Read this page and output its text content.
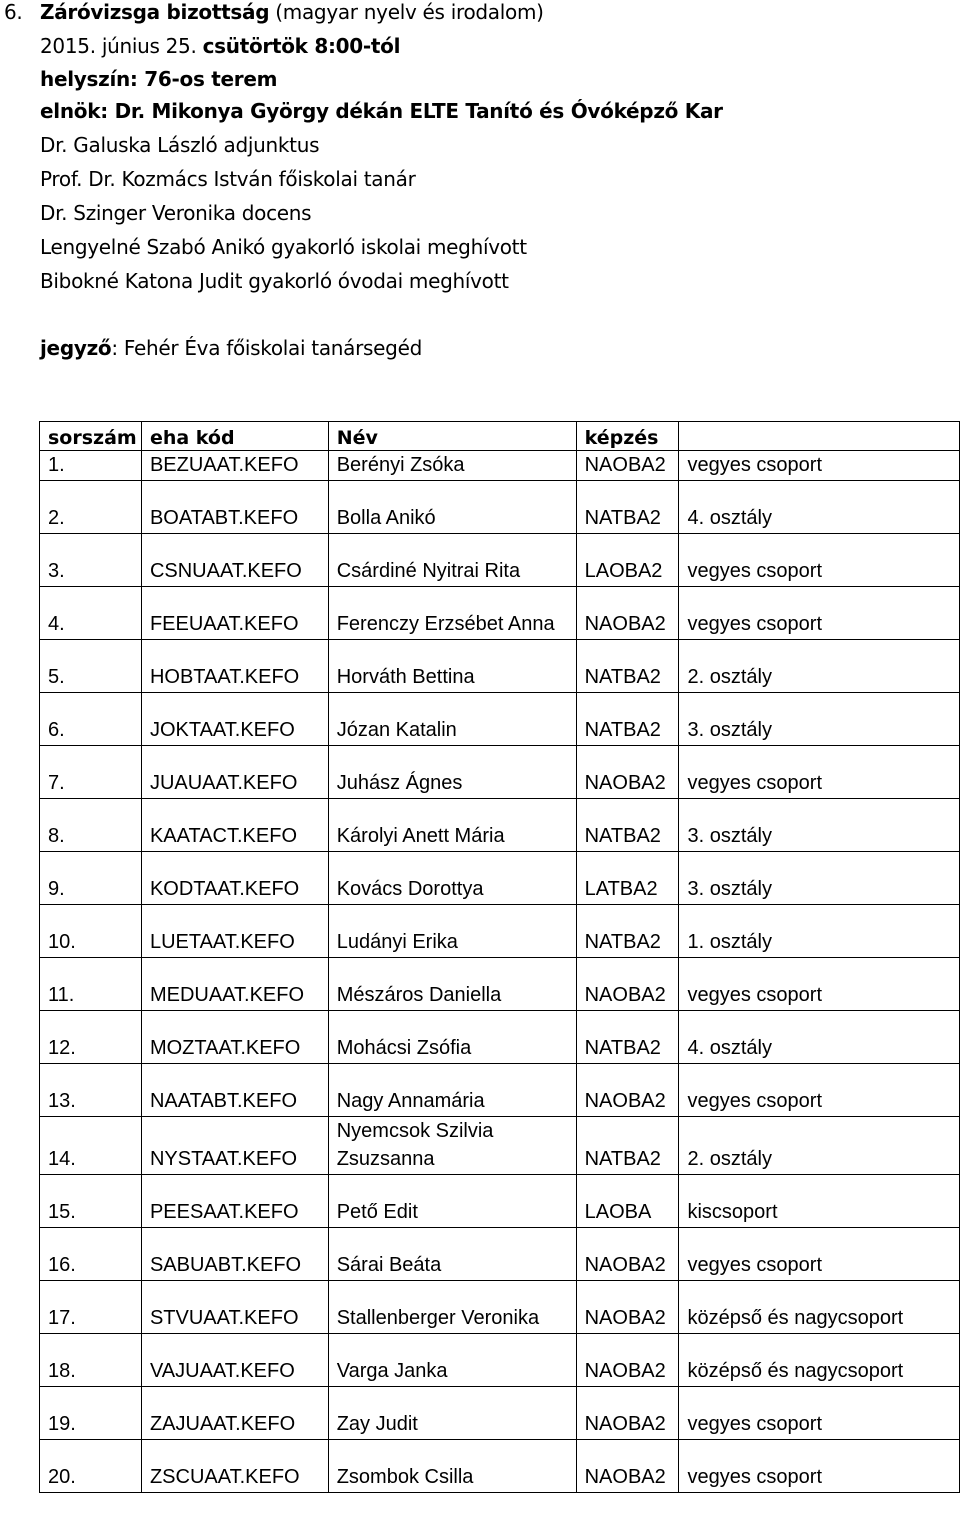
6. Záróvizsga bizottság (magyar nyelv és irodalom)
2015. június 25. csütörtök 8:00-tól
helyszín: 76-os terem
elnök: Dr. Mikonya György dékán ELTE Tanító és Óvóképző Kar
Dr. Galuska László adjunktus
Prof. Dr. Kozmács István főiskolai tanár
Dr. Szinger Veronika docens
Lengyelné Szabó Anikó gyakorló iskolai meghívott
Bibokné Katona Judit gyakorló óvodai meghívott
jegyző: Fehér Éva főiskolai tanársegéd
sorszám	eha kód	Név	képzés	
1.	BEZUAAT.KEFO	Berényi Zsóka	NAOBA2	vegyes csoport
2.	BOATABT.KEFO	Bolla Anikó	NATBA2	4. osztály
3.	CSNUAAT.KEFO	Csárdiné Nyitrai Rita	LAOBA2	vegyes csoport
4.	FEEUAAT.KEFO	Ferenczy Erzsébet Anna	NAOBA2	vegyes csoport
5.	HOBTAAT.KEFO	Horváth Bettina	NATBA2	2. osztály
6.	JOKTAAT.KEFO	Józan Katalin	NATBA2	3. osztály
7.	JUAUAAT.KEFO	Juhász Ágnes	NAOBA2	vegyes csoport
8.	KAATACT.KEFO	Károlyi Anett Mária	NATBA2	3. osztály
9.	KODTAAT.KEFO	Kovács Dorottya	LATBA2	3. osztály
10.	LUETAAT.KEFO	Ludányi Erika	NATBA2	1. osztály
11.	MEDUAAT.KEFO	Mészáros Daniella	NAOBA2	vegyes csoport
12.	MOZTAAT.KEFO	Mohácsi Zsófia	NATBA2	4. osztály
13.	NAATABT.KEFO	Nagy Annamária	NAOBA2	vegyes csoport
14.	NYSTAAT.KEFO	Nyemcsok Szilvia Zsuzsanna	NATBA2	2. osztály
15.	PEESAAT.KEFO	Pető Edit	LAOBA	kiscsoport
16.	SABUABT.KEFO	Sárai Beáta	NAOBA2	vegyes csoport
17.	STVUAAT.KEFO	Stallenberger Veronika	NAOBA2	középső és nagycsoport
18.	VAJUAAT.KEFO	Varga Janka	NAOBA2	középső és nagycsoport
19.	ZAJUAAT.KEFO	Zay Judit	NAOBA2	vegyes csoport
20.	ZSCUAAT.KEFO	Zsombok Csilla	NAOBA2	vegyes csoport
